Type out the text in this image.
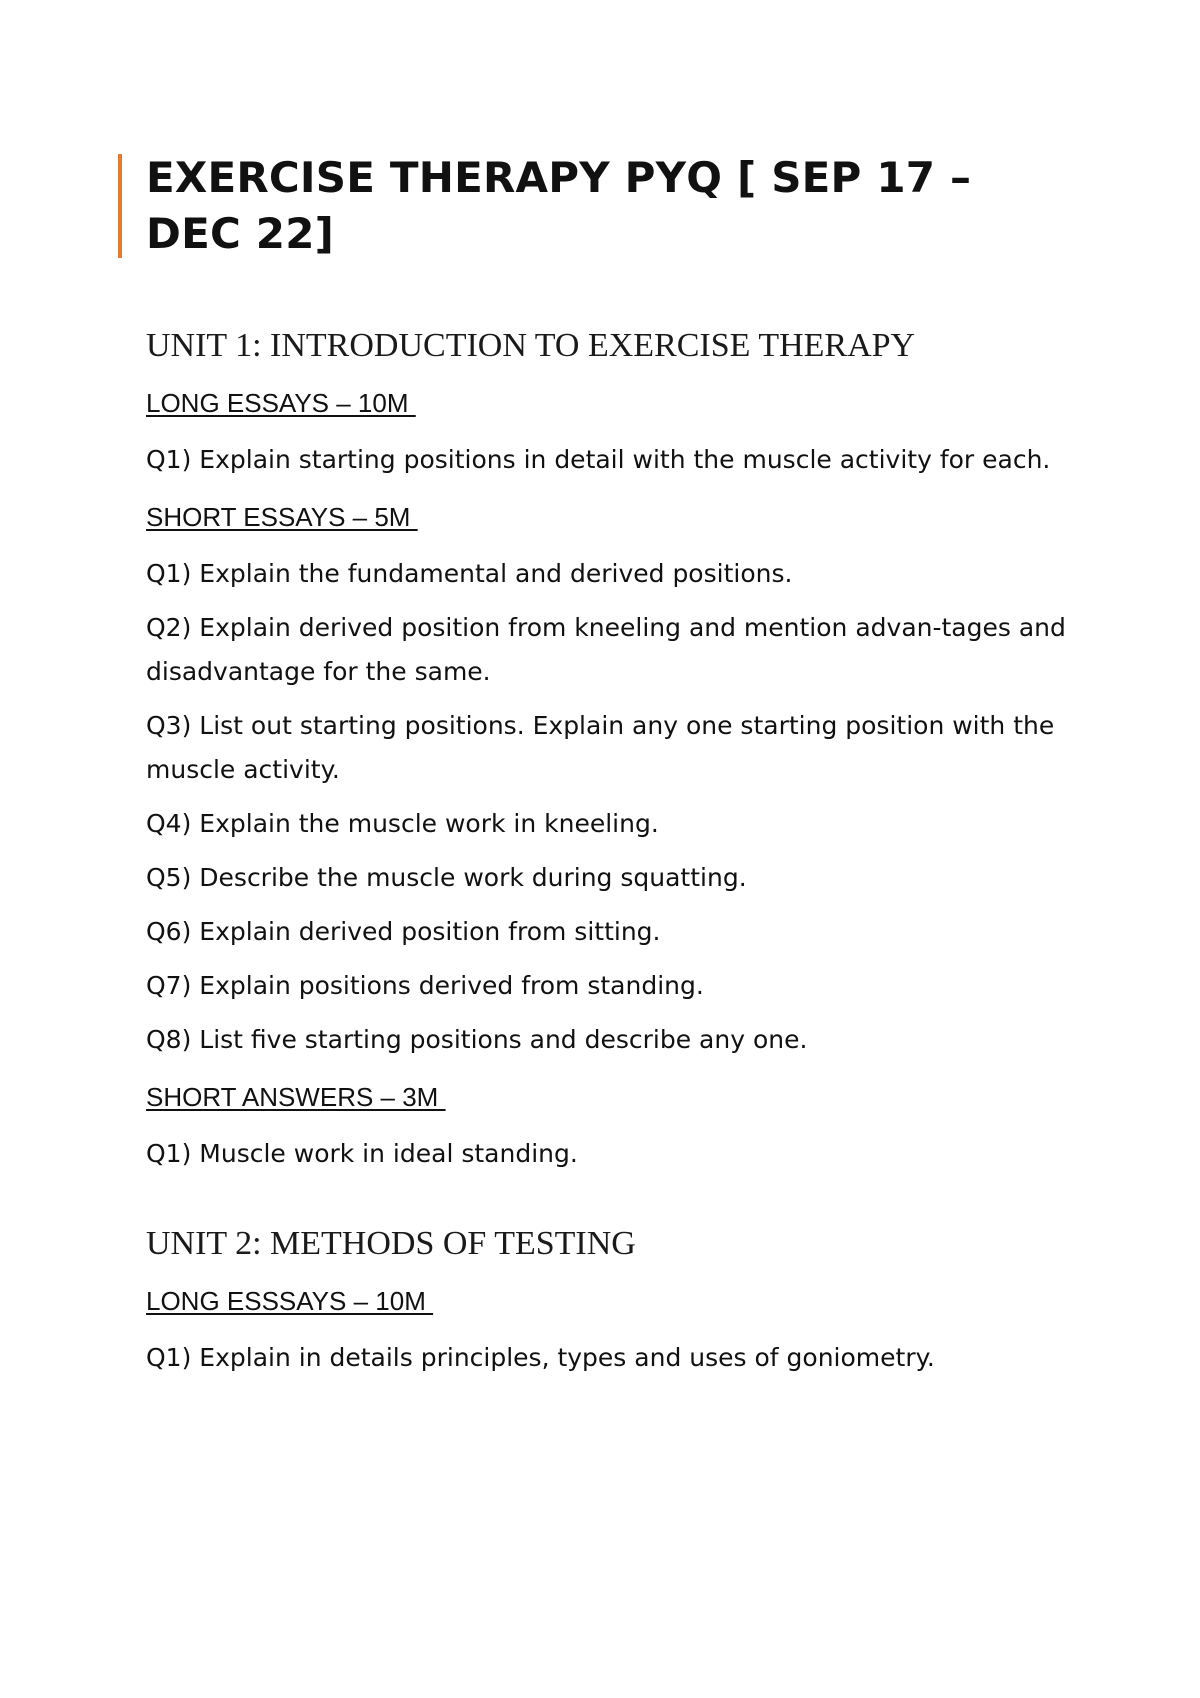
EXERCISE THERAPY PYQ [ SEP 17 – DEC 22]
UNIT 1: INTRODUCTION TO EXERCISE THERAPY

LONG ESSAYS – 10M

Q1) Explain starting positions in detail with the muscle activity for each.

SHORT ESSAYS – 5M

Q1) Explain the fundamental and derived positions.

Q2) Explain derived position from kneeling and mention advan-tages and disadvantage for the same.

Q3) List out starting positions. Explain any one starting position with the muscle activity.

Q4) Explain the muscle work in kneeling.

Q5) Describe the muscle work during squatting.

Q6) Explain derived position from sitting.

Q7) Explain positions derived from standing.

Q8) List five starting positions and describe any one.

SHORT ANSWERS – 3M

Q1) Muscle work in ideal standing.

UNIT 2: METHODS OF TESTING

LONG ESSSAYS – 10M

Q1) Explain in details principles, types and uses of goniometry.
